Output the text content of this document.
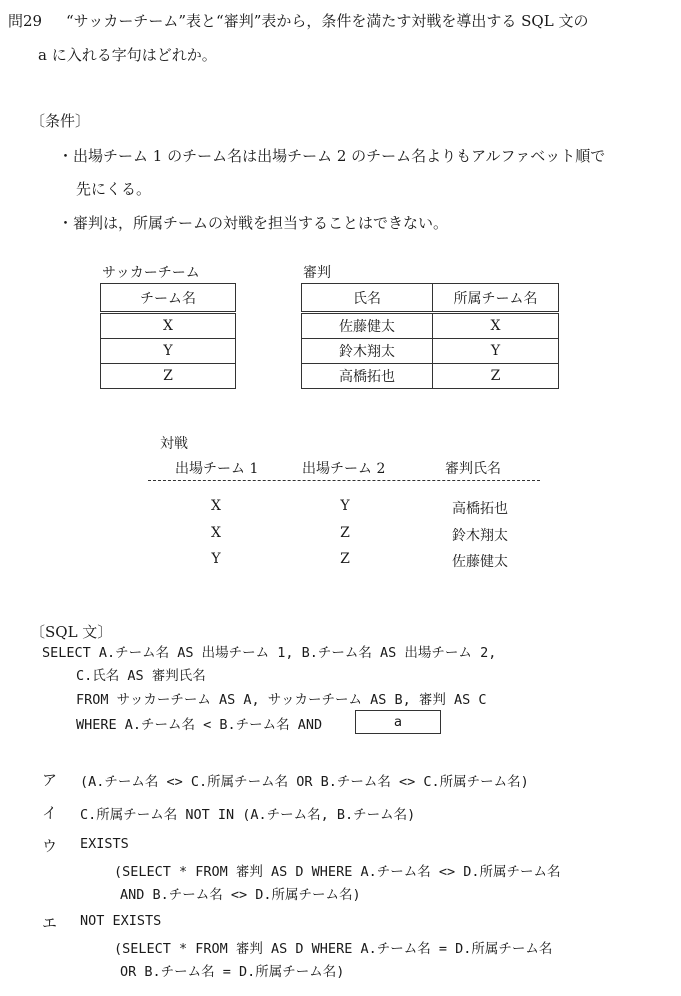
問29 “サッカーチーム”表と“審判”表から，条件を満たす対戦を導出する SQL 文の
a に入れる字句はどれか。
〔条件〕
・出場チーム 1 のチーム名は出場チーム 2 のチーム名よりもアルファベット順で
先にくる。
・審判は，所属チームの対戦を担当することはできない。
サッカーチーム
チーム名
X
Y
Z
審判
氏名	所属チーム名
佐藤健太	X
鈴木翔太	Y
高橋拓也	Z
対戦
出場チーム 1	出場チーム 2	審判氏名
X	Y	高橋拓也
X	Z	鈴木翔太
Y	Z	佐藤健太
〔SQL 文〕
SELECT A.チーム名 AS 出場チーム 1, B.チーム名 AS 出場チーム 2,
C.氏名 AS 審判氏名
FROM サッカーチーム AS A, サッカーチーム AS B, 審判 AS C
WHERE A.チーム名 < B.チーム名 AND	a
ア (A.チーム名 <> C.所属チーム名 OR B.チーム名 <> C.所属チーム名)
イ C.所属チーム名 NOT IN (A.チーム名, B.チーム名)
ウ EXISTS
(SELECT * FROM 審判 AS D WHERE A.チーム名 <> D.所属チーム名
AND B.チーム名 <> D.所属チーム名)
エ NOT EXISTS
(SELECT * FROM 審判 AS D WHERE A.チーム名 = D.所属チーム名
OR B.チーム名 = D.所属チーム名)
